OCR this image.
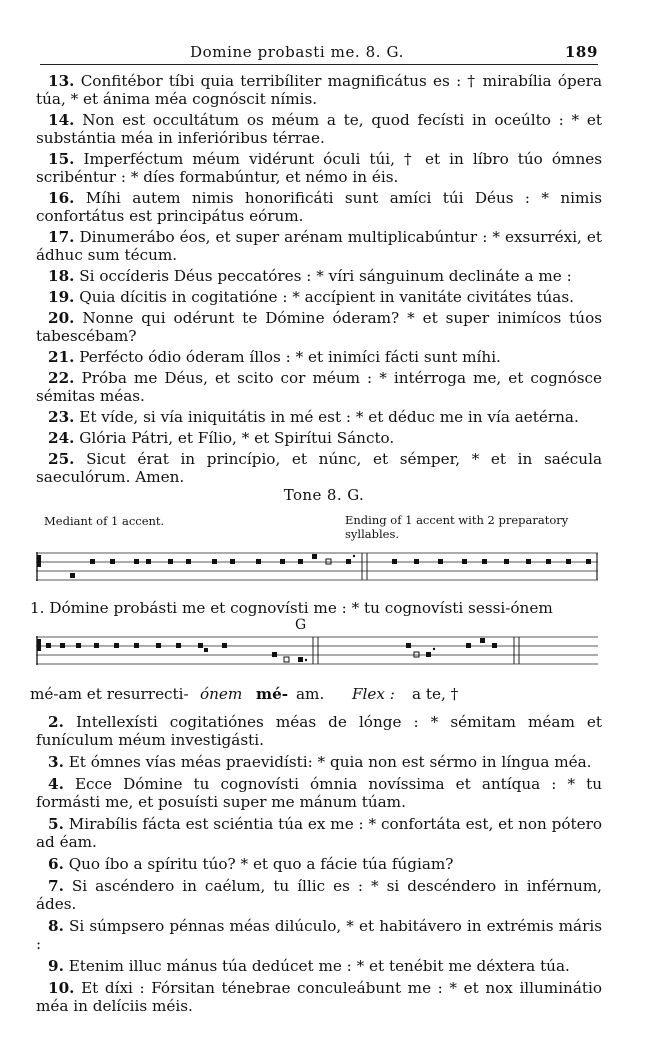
Domine probasti me. 8. G.	189
13. Confitébor tíbi quia terribíliter magnificátus es : † mirabília ópera túa, * et ánima méa cognóscit nímis.
14. Non est occultátum os méum a te, quod fecísti in oceúlto : * et substántia méa in inferióribus térrae.
15. Imperféctum méum vidérunt óculi túi, † et in líbro túo ómnes scribéntur : * díes formabúntur, et némo in éis.
16. Míhi autem nimis honorificáti sunt amíci túi Déus : * nimis confortátus est principátus eórum.
17. Dinumerábo éos, et super arénam multiplicabúntur : * exsurréxi, et ádhuc sum técum.
18. Si occíderis Déus peccatóres : * víri sánguinum declináte a me :
19. Quia dícitis in cogitatióne : * accípient in vanitáte civitátes túas.
20. Nonne qui odérunt te Dómine óderam? * et super inimícos túos tabescébam?
21. Perfécto ódio óderam íllos : * et inimíci fácti sunt míhi.
22. Próba me Déus, et scito cor méum : * intérroga me, et cognósce sémitas méas.
23. Et víde, si vía iniquitátis in mé est : * et déduc me in vía aetérna.
24. Glória Pátri, et Fílio, * et Spirítui Sáncto.
25. Sicut érat in princípio, et núnc, et sémper, * et in saécula saeculórum. Amen.
Tone 8. G.
Mediant of 1 accent.	Ending of 1 accent with 2 preparatory syllables.
1. Dómine probásti me et cognovísti me : * tu cognovísti sessi-ónem
G
mé-am et resurrecti- ónem mé- am. Flex : a te, †
2. Intellexísti cogitatiónes méas de lónge : * sémitam méam et funículum méum investigásti.
3. Et ómnes vías méas praevidísti: * quia non est sérmo in língua méa.
4. Ecce Dómine tu cognovísti ómnia novíssima et antíqua : * tu formásti me, et posuísti super me mánum túam.
5. Mirabílis fácta est sciéntia túa ex me : * confortáta est, et non pótero ad éam.
6. Quo íbo a spíritu túo? * et quo a fácie túa fúgiam?
7. Si ascéndero in caélum, tu íllic es : * si descéndero in inférnum, ádes.
8. Si súmpsero pénnas méas dilúculo, * et habitávero in extrémis máris :
9. Etenim illuc mánus túa dedúcet me : * et tenébit me déxtera túa.
10. Et díxi : Fórsitan ténebrae conculeábunt me : * et nox illuminátio méa in delíciis méis.
